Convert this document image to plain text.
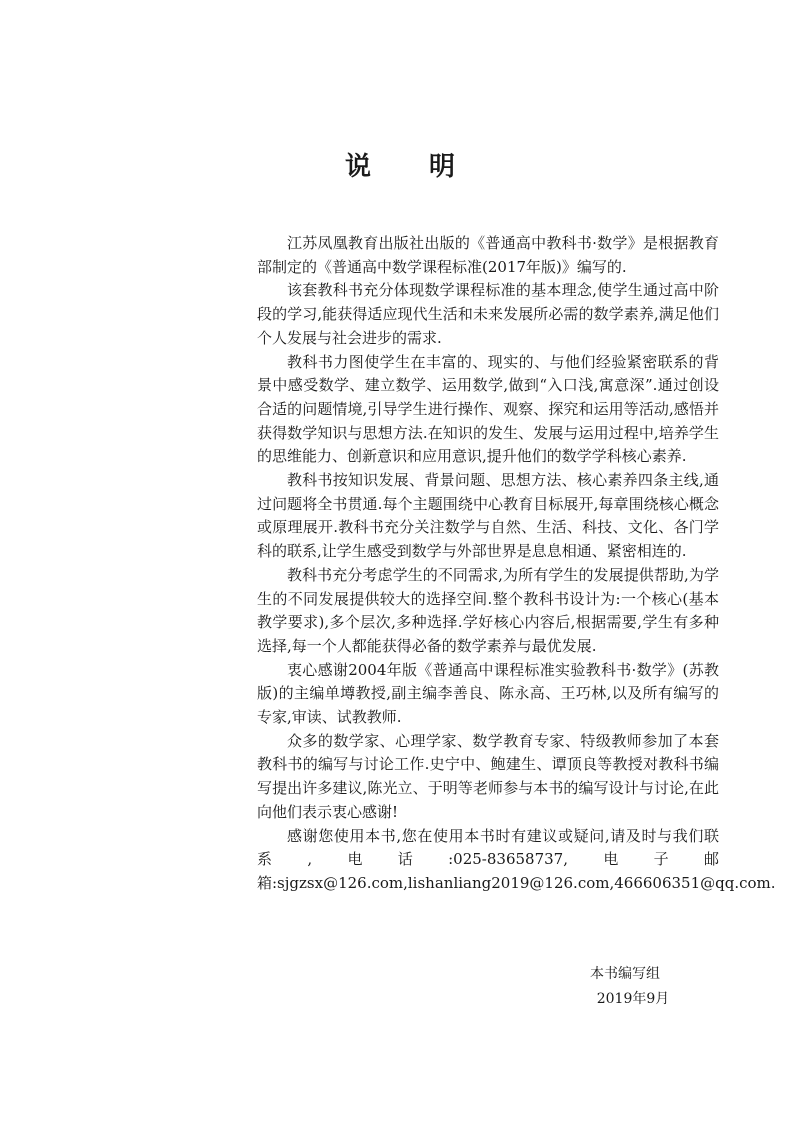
说 明

江苏凤凰教育出版社出版的《普通高中教科书·数学》是根据教育部制定的《普通高中数学课程标准(2017年版)》编写的.

该套教科书充分体现数学课程标准的基本理念,使学生通过高中阶段的学习,能获得适应现代生活和未来发展所必需的数学素养,满足他们个人发展与社会进步的需求.

教科书力图使学生在丰富的、现实的、与他们经验紧密联系的背景中感受数学、建立数学、运用数学,做到“入口浅,寓意深”.通过创设合适的问题情境,引导学生进行操作、观察、探究和运用等活动,感悟并获得数学知识与思想方法.在知识的发生、发展与运用过程中,培养学生的思维能力、创新意识和应用意识,提升他们的数学学科核心素养.

教科书按知识发展、背景问题、思想方法、核心素养四条主线,通过问题将全书贯通.每个主题围绕中心教育目标展开,每章围绕核心概念或原理展开.教科书充分关注数学与自然、生活、科技、文化、各门学科的联系,让学生感受到数学与外部世界是息息相通、紧密相连的.

教科书充分考虑学生的不同需求,为所有学生的发展提供帮助,为学生的不同发展提供较大的选择空间.整个教科书设计为:一个核心(基本教学要求),多个层次,多种选择.学好核心内容后,根据需要,学生有多种选择,每一个人都能获得必备的数学素养与最优发展.

衷心感谢2004年版《普通高中课程标准实验教科书·数学》(苏教版)的主编单墫教授,副主编李善良、陈永高、王巧林,以及所有编写的专家,审读、试教教师.

众多的数学家、心理学家、数学教育专家、特级教师参加了本套教科书的编写与讨论工作.史宁中、鲍建生、谭顶良等教授对教科书编写提出许多建议,陈光立、于明等老师参与本书的编写设计与讨论,在此向他们表示衷心感谢!

感谢您使用本书,您在使用本书时有建议或疑问,请及时与我们联系,电话:025-83658737,电子邮箱:sjgzsx@126.com,lishanliang2019@126.com,466606351@qq.com.

本书编写组
2019年9月
